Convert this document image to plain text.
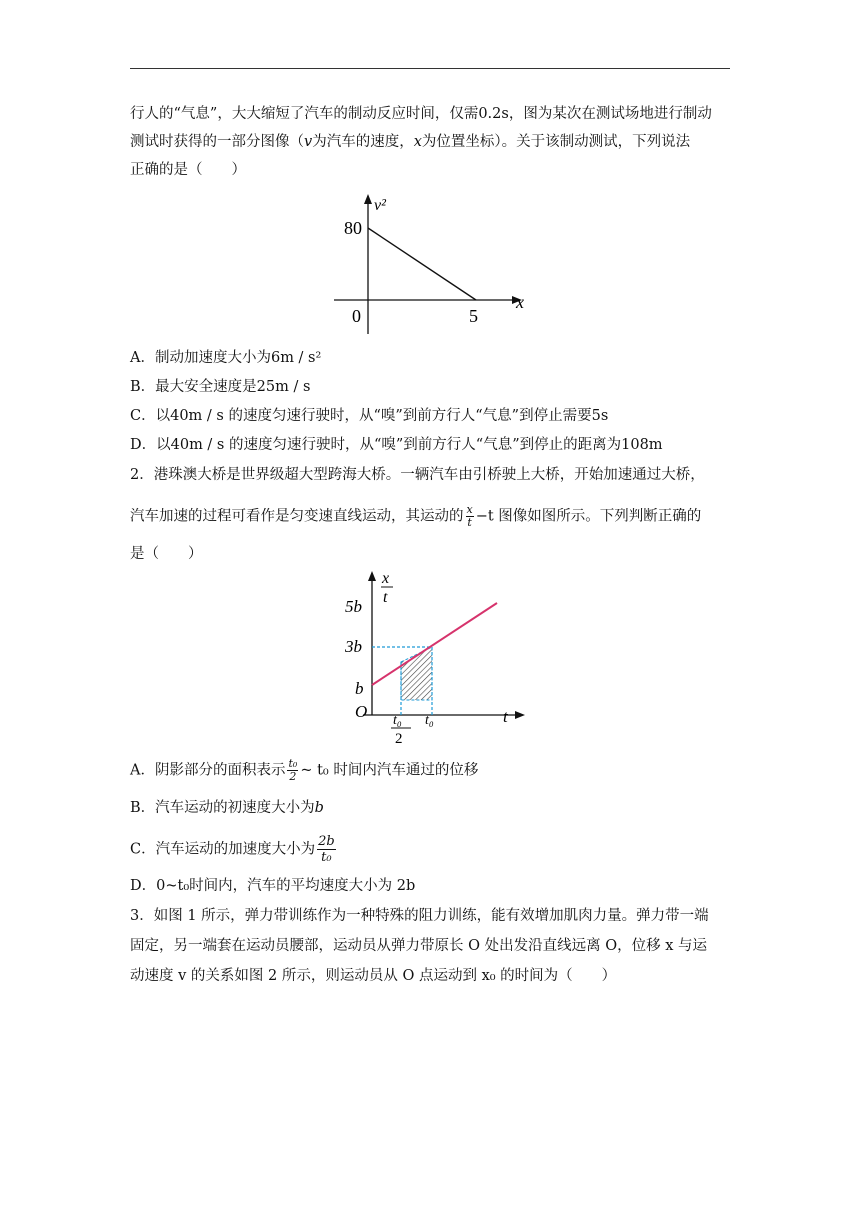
行人的“气息”，大大缩短了汽车的制动反应时间，仅需0.2s，图为某次在测试场地进行制动
测试时获得的一部分图像（v为汽车的速度，x为位置坐标）。关于该制动测试，下列说法
正确的是（　　）
v²
x
80
0	5
A．制动加速度大小为6m / s²
B．最大安全速度是25m / s
C．以40m / s 的速度匀速行驶时，从“嗅”到前方行人“气息”到停止需要5s
D．以40m / s 的速度匀速行驶时，从“嗅”到前方行人“气息”到停止的距离为108m
2．港珠澳大桥是世界级超大型跨海大桥。一辆汽车由引桥驶上大桥，开始加速通过大桥，
汽车加速的过程可看作是匀变速直线运动，其运动的 $\frac{x}{t} -t$ 图像如图所示。下列判断正确的
是（　　）
x
t
5b
3b
b
O	t
t₀
2
t₀
A．阴影部分的面积表示 $\frac{\text{t₀}}{2}$ ~ t₀ 时间内汽车通过的位移
B．汽车运动的初速度大小为b
C．汽车运动的加速度大小为 $\frac{2b}{\text{t₀}}$
D．0~t₀时间内，汽车的平均速度大小为 2b
3．如图 1 所示，弹力带训练作为一种特殊的阻力训练，能有效增加肌肉力量。弹力带一端
固定，另一端套在运动员腰部，运动员从弹力带原长 O 处出发沿直线远离 O，位移 x 与运
动速度 v 的关系如图 2 所示，则运动员从 O 点运动到 x₀ 的时间为（　　）
